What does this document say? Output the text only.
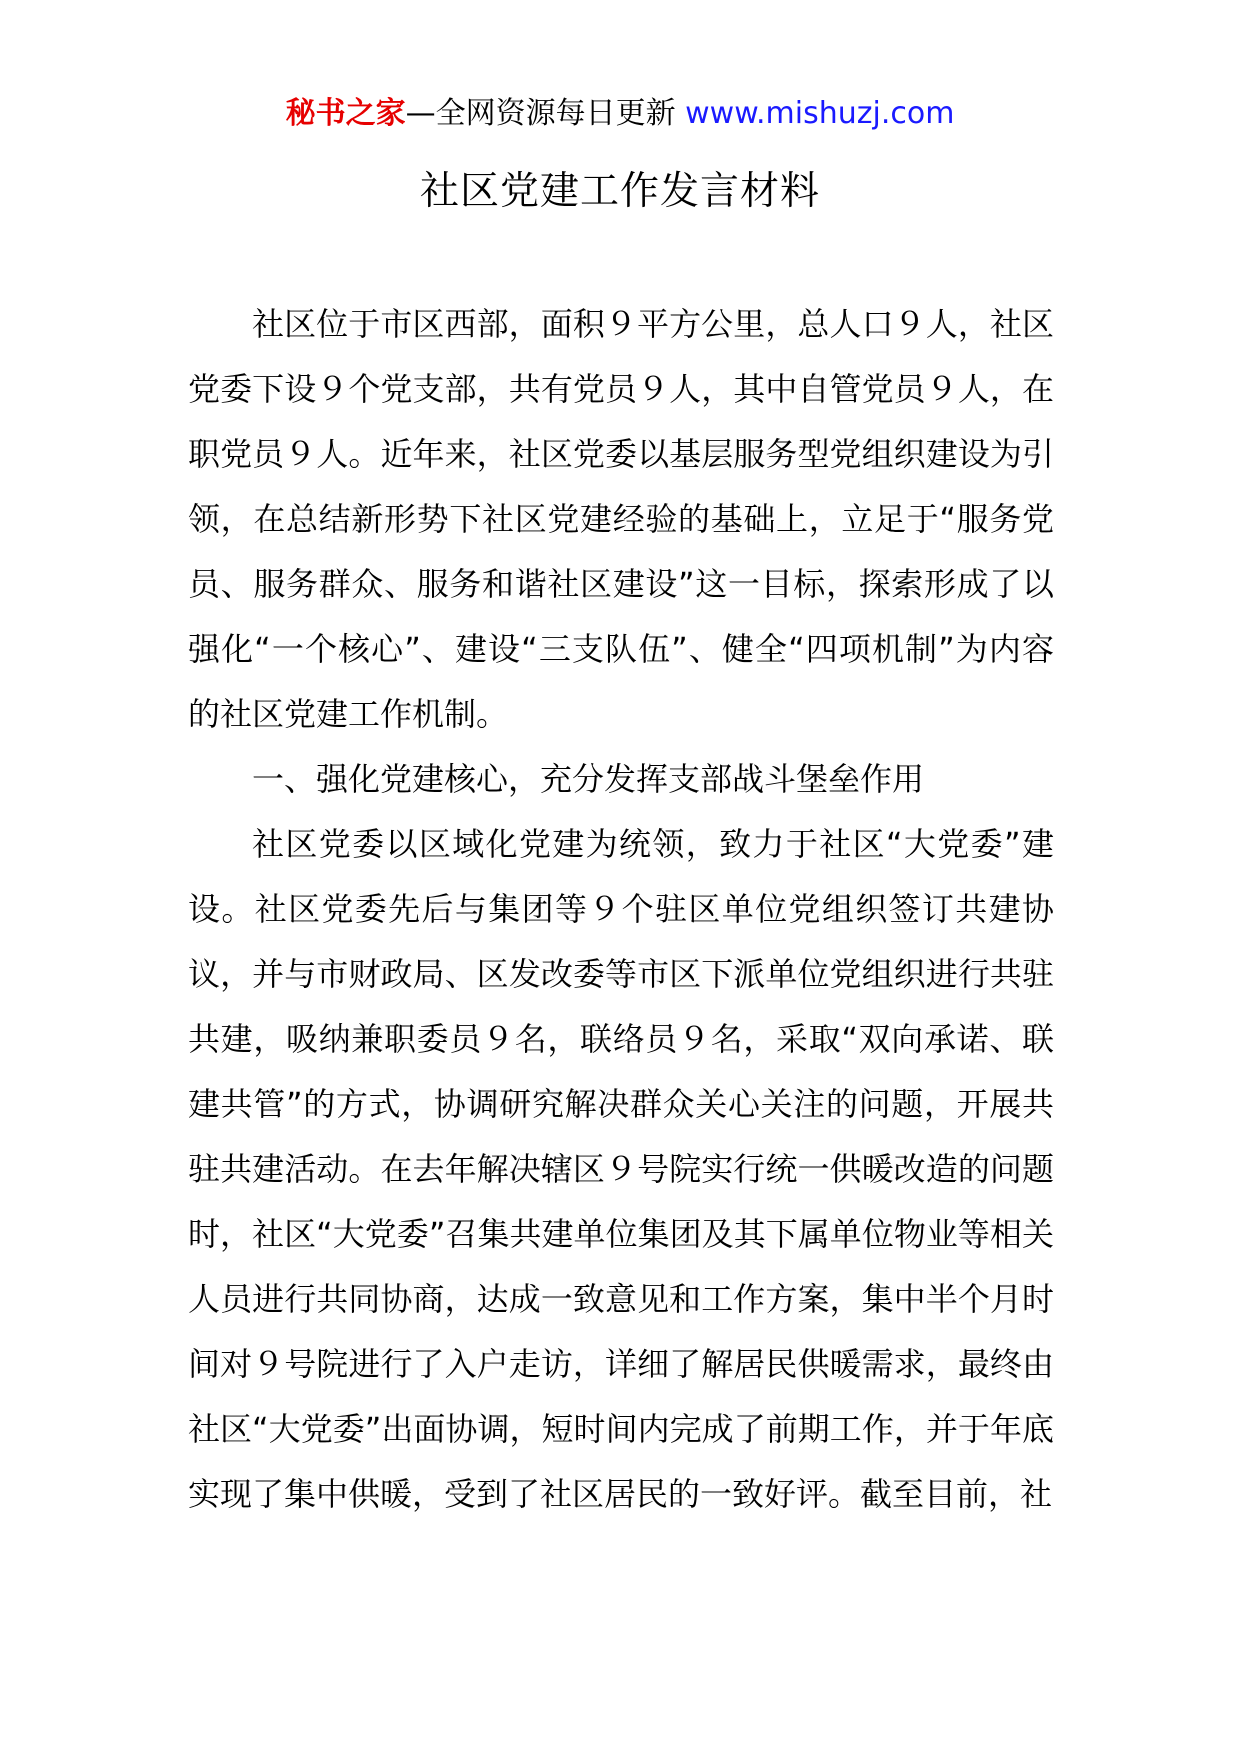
秘书之家—全网资源每日更新 www.mishuzj.com
社区党建工作发言材料

社区位于市区西部，面积９平方公里，总人口９人，社区党委下设９个党支部，共有党员９人，其中自管党员９人，在职党员９人。近年来，社区党委以基层服务型党组织建设为引领，在总结新形势下社区党建经验的基础上，立足于“服务党员、服务群众、服务和谐社区建设”这一目标，探索形成了以强化“一个核心”、建设“三支队伍”、健全“四项机制”为内容的社区党建工作机制。

一、强化党建核心，充分发挥支部战斗堡垒作用

社区党委以区域化党建为统领，致力于社区“大党委”建设。社区党委先后与集团等９个驻区单位党组织签订共建协议，并与市财政局、区发改委等市区下派单位党组织进行共驻共建，吸纳兼职委员９名，联络员９名，采取“双向承诺、联建共管”的方式，协调研究解决群众关心关注的问题，开展共驻共建活动。在去年解决辖区９号院实行统一供暖改造的问题时，社区“大党委”召集共建单位集团及其下属单位物业等相关人员进行共同协商，达成一致意见和工作方案，集中半个月时间对９号院进行了入户走访，详细了解居民供暖需求，最终由社区“大党委”出面协调，短时间内完成了前期工作，并于年底实现了集中供暖，受到了社区居民的一致好评。截至目前，社
